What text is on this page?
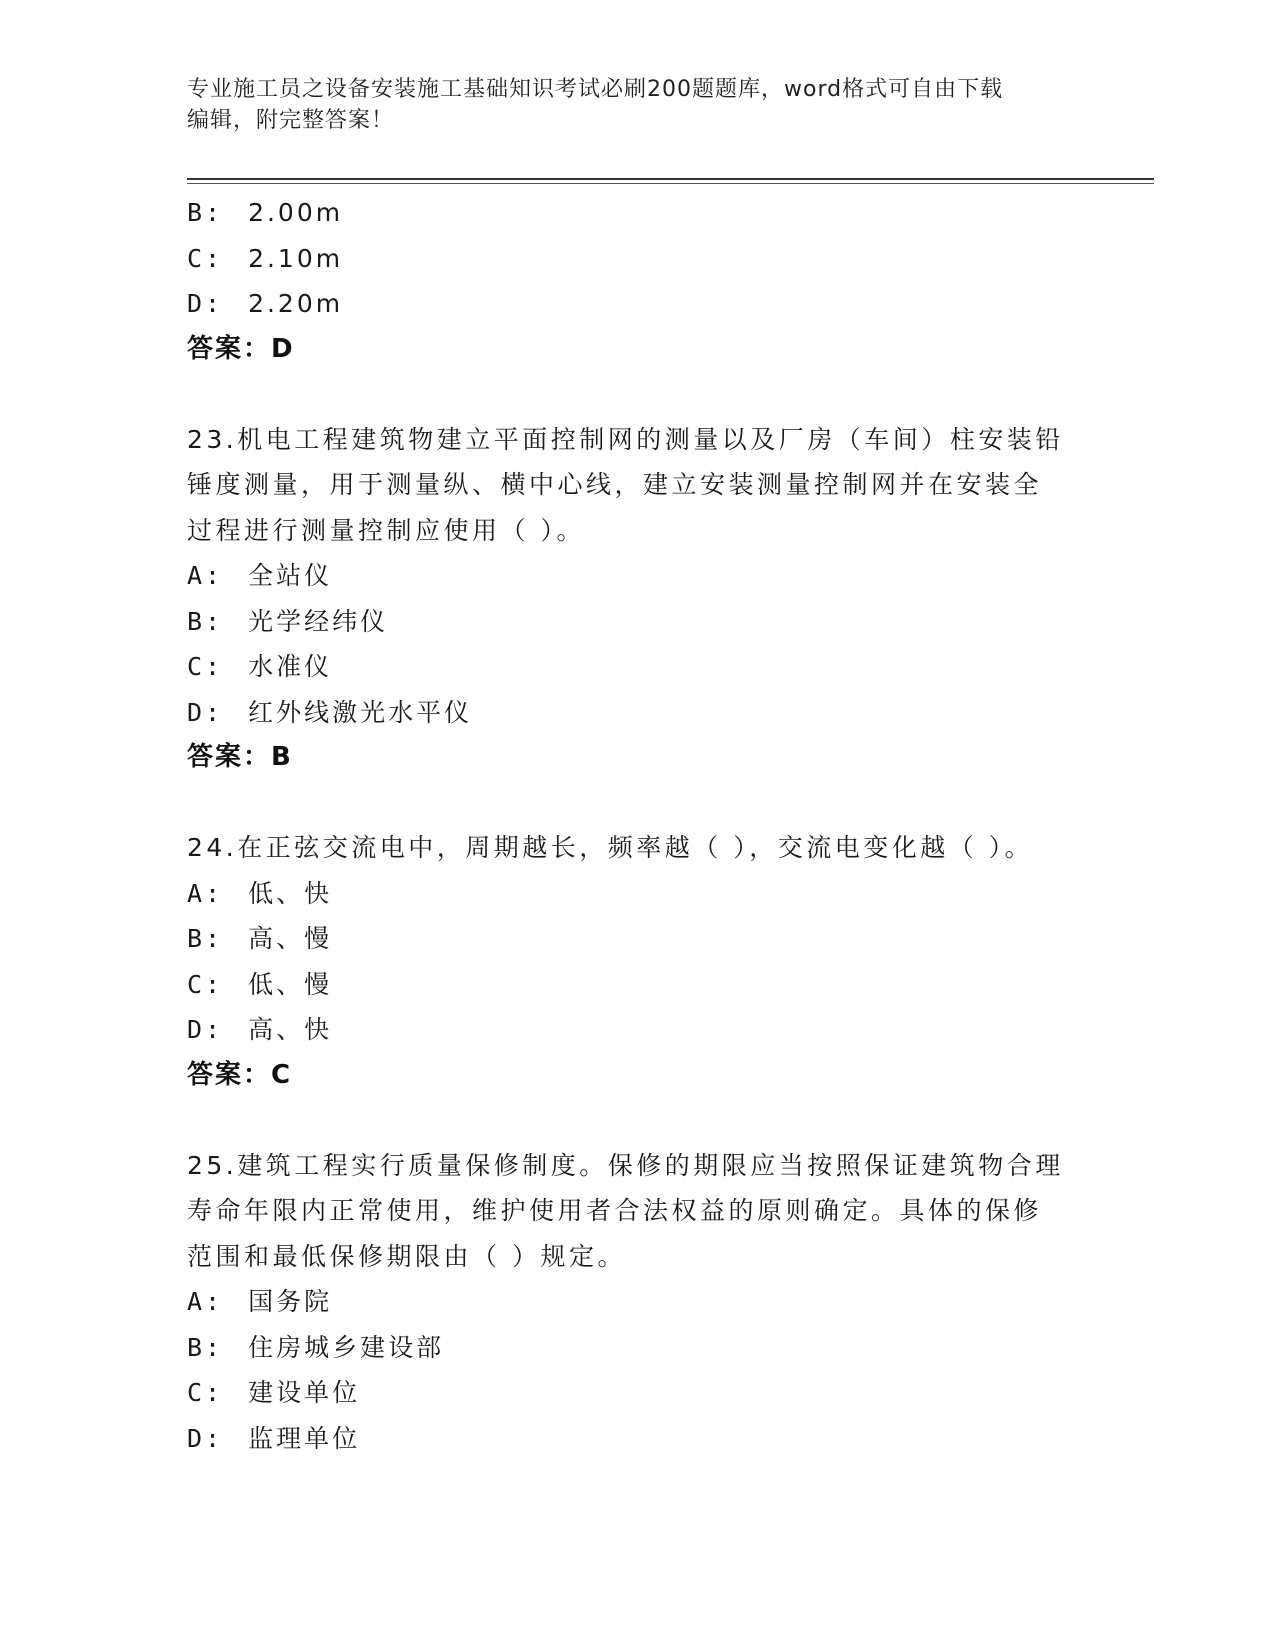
专业施工员之设备安装施工基础知识考试必刷200题题库，word格式可自由下载
编辑，附完整答案！
B: 2.00m
C: 2.10m
D: 2.20m
答案：D
23.机电工程建筑物建立平面控制网的测量以及厂房（车间）柱安装铅
锤度测量，用于测量纵、横中心线，建立安装测量控制网并在安装全
过程进行测量控制应使用（ ）。
A: 全站仪
B: 光学经纬仪
C: 水准仪
D: 红外线激光水平仪
答案：B
24.在正弦交流电中，周期越长，频率越（ ），交流电变化越（ ）。
A: 低、快
B: 高、慢
C: 低、慢
D: 高、快
答案：C
25.建筑工程实行质量保修制度。保修的期限应当按照保证建筑物合理
寿命年限内正常使用，维护使用者合法权益的原则确定。具体的保修
范围和最低保修期限由（ ）规定。
A: 国务院
B: 住房城乡建设部
C: 建设单位
D: 监理单位
